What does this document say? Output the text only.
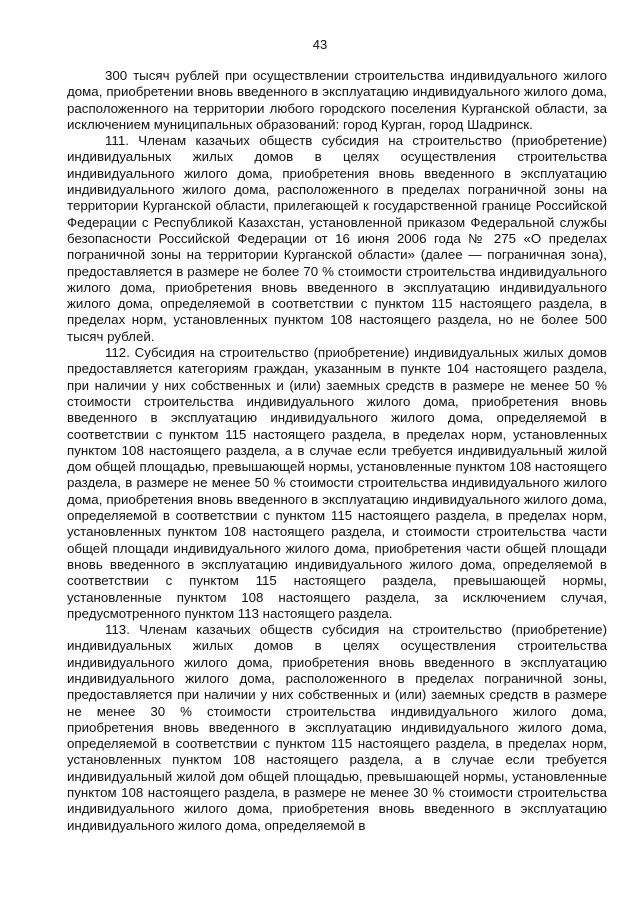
43

300 тысяч рублей при осуществлении строительства индивидуального жилого дома, приобретении вновь введенного в эксплуатацию индивидуального жилого дома, расположенного на территории любого городского поселения Курганской области, за исключением муниципальных образований: город Курган, город Шадринск.

111. Членам казачьих обществ субсидия на строительство (приобретение) индивидуальных жилых домов в целях осуществления строительства индивидуального жилого дома, приобретения вновь введенного в эксплуатацию индивидуального жилого дома, расположенного в пределах пограничной зоны на территории Курганской области, прилегающей к государственной границе Российской Федерации с Республикой Казахстан, установленной приказом Федеральной службы безопасности Российской Федерации от 16 июня 2006 года № 275 «О пределах пограничной зоны на территории Курганской области» (далее — пограничная зона), предоставляется в размере не более 70 % стоимости строительства индивидуального жилого дома, приобретения вновь введенного в эксплуатацию индивидуального жилого дома, определяемой в соответствии с пунктом 115 настоящего раздела, в пределах норм, установленных пунктом 108 настоящего раздела, но не более 500 тысяч рублей.

112. Субсидия на строительство (приобретение) индивидуальных жилых домов предоставляется категориям граждан, указанным в пункте 104 настоящего раздела, при наличии у них собственных и (или) заемных средств в размере не менее 50 % стоимости строительства индивидуального жилого дома, приобретения вновь введенного в эксплуатацию индивидуального жилого дома, определяемой в соответствии с пунктом 115 настоящего раздела, в пределах норм, установленных пунктом 108 настоящего раздела, а в случае если требуется индивидуальный жилой дом общей площадью, превышающей нормы, установленные пунктом 108 настоящего раздела, в размере не менее 50 % стоимости строительства индивидуального жилого дома, приобретения вновь введенного в эксплуатацию индивидуального жилого дома, определяемой в соответствии с пунктом 115 настоящего раздела, в пределах норм, установленных пунктом 108 настоящего раздела, и стоимости строительства части общей площади индивидуального жилого дома, приобретения части общей площади вновь введенного в эксплуатацию индивидуального жилого дома, определяемой в соответствии с пунктом 115 настоящего раздела, превышающей нормы, установленные пунктом 108 настоящего раздела, за исключением случая, предусмотренного пунктом 113 настоящего раздела.

113. Членам казачьих обществ субсидия на строительство (приобретение) индивидуальных жилых домов в целях осуществления строительства индивидуального жилого дома, приобретения вновь введенного в эксплуатацию индивидуального жилого дома, расположенного в пределах пограничной зоны, предоставляется при наличии у них собственных и (или) заемных средств в размере не менее 30 % стоимости строительства индивидуального жилого дома, приобретения вновь введенного в эксплуатацию индивидуального жилого дома, определяемой в соответствии с пунктом 115 настоящего раздела, в пределах норм, установленных пунктом 108 настоящего раздела, а в случае если требуется индивидуальный жилой дом общей площадью, превышающей нормы, установленные пунктом 108 настоящего раздела, в размере не менее 30 % стоимости строительства индивидуального жилого дома, приобретения вновь введенного в эксплуатацию индивидуального жилого дома, определяемой в
